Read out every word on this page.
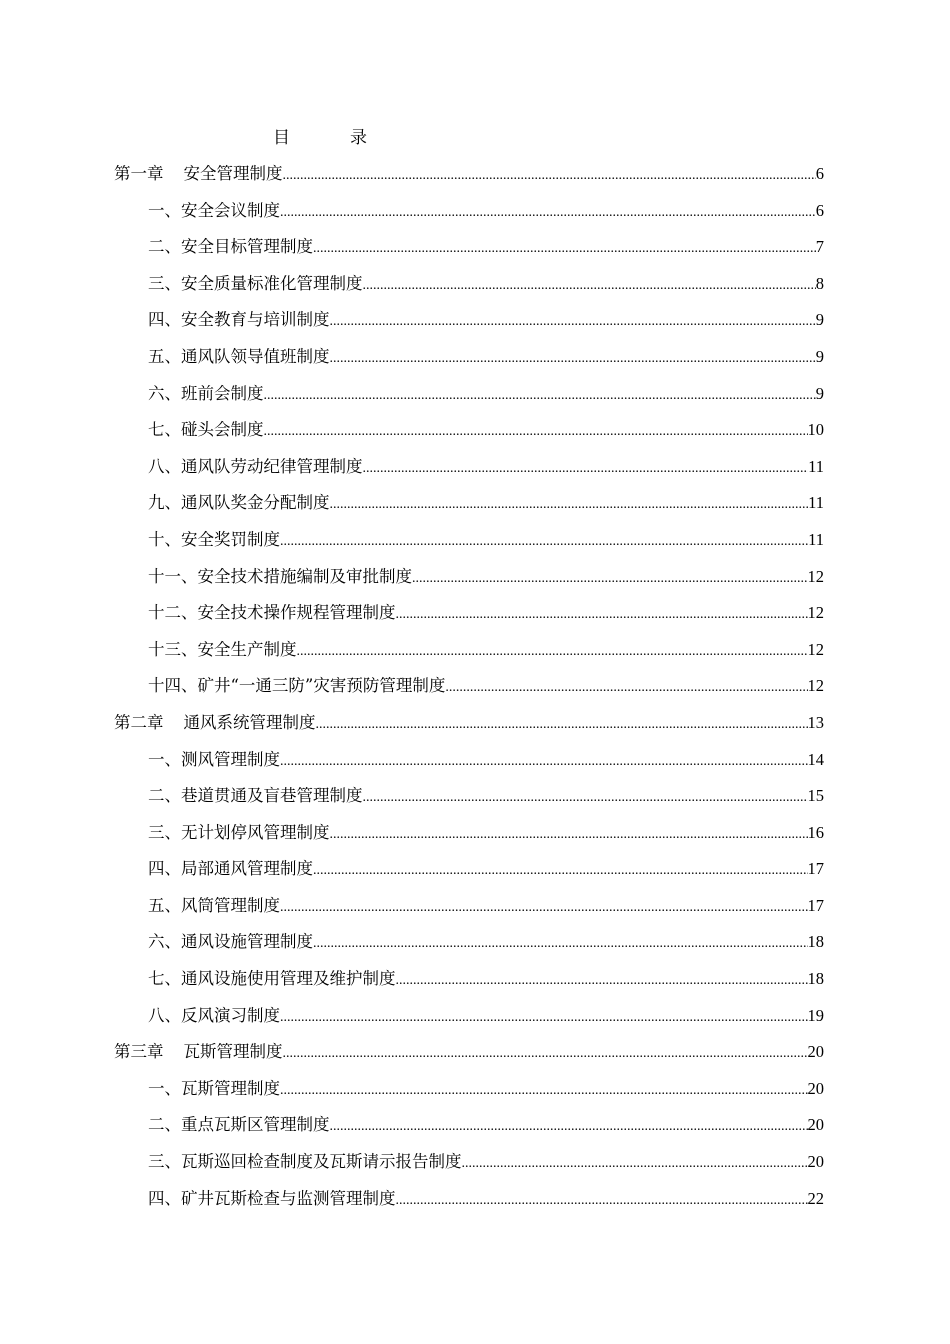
目	录
第一章 安全管理制度 .....	6
一、安全会议制度 .....	6
二、安全目标管理制度 .....	7
三、安全质量标准化管理制度 .....	8
四、安全教育与培训制度 .....	9
五、通风队领导值班制度 .....	9
六、班前会制度 .....	9
七、碰头会制度 .....	10
八、通风队劳动纪律管理制度 .....	11
九、通风队奖金分配制度 .....	11
十、安全奖罚制度 .....	11
十一、安全技术措施编制及审批制度 .....	12
十二、安全技术操作规程管理制度 .....	12
十三、安全生产制度 .....	12
十四、矿井“一通三防”灾害预防管理制度 .....	12
第二章 通风系统管理制度 .....	13
一、测风管理制度 .....	14
二、巷道贯通及盲巷管理制度 .....	15
三、无计划停风管理制度 .....	16
四、局部通风管理制度 .....	17
五、风筒管理制度 .....	17
六、通风设施管理制度 .....	18
七、通风设施使用管理及维护制度 .....	18
八、反风演习制度 .....	19
第三章 瓦斯管理制度 .....	20
一、瓦斯管理制度 .....	20
二、重点瓦斯区管理制度 .....	20
三、瓦斯巡回检查制度及瓦斯请示报告制度 .....	20
四、矿井瓦斯检查与监测管理制度 .....	22
